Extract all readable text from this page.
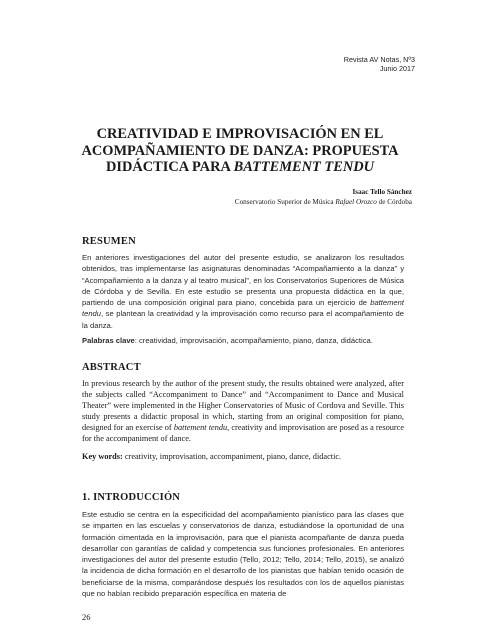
Revista AV Notas, Nº3
Junio 2017
CREATIVIDAD E IMPROVISACIÓN EN EL
ACOMPAÑAMIENTO DE DANZA: PROPUESTA
DIDÁCTICA PARA BATTEMENT TENDU
Isaac Tello Sánchez
Conservatorio Superior de Música Rafael Orozco de Córdoba
RESUMEN

En anteriores investigaciones del autor del presente estudio, se analizaron los resultados obtenidos, tras implementarse las asignaturas denominadas “Acompañamiento a la danza” y “Acompañamiento a la danza y al teatro musical”, en los Conservatorios Superiores de Música de Córdoba y de Sevilla. En este estudio se presenta una propuesta didáctica en la que, partiendo de una composición original para piano, concebida para un ejercicio de battement tendu, se plantean la creatividad y la improvisación como recurso para el acompañamiento de la danza.

Palabras clave: creatividad, improvisación, acompañamiento, piano, danza, didáctica.

ABSTRACT

In previous research by the author of the present study, the results obtained were analyzed, after the subjects called “Accompaniment to Dance” and “Accompaniment to Dance and Musical Theater” were implemented in the Higher Conservatories of Music of Cordova and Seville. This study presents a didactic proposal in which, starting from an original composition for piano, designed for an exercise of battement tendu, creativity and improvisation are posed as a resource for the accompaniment of dance.

Key words: creativity, improvisation, accompaniment, piano, dance, didactic.

1. INTRODUCCIÓN

Este estudio se centra en la especificidad del acompañamiento pianístico para las clases que se imparten en las escuelas y conservatorios de danza, estudiándose la oportunidad de una formación cimentada en la improvisación, para que el pianista acompañante de danza pueda desarrollar con garantías de calidad y competencia sus funciones profesionales. En anteriores investigaciones del autor del presente estudio (Tello, 2012; Tello, 2014; Tello, 2015), se analizó la incidencia de dicha formación en el desarrollo de los pianistas que habían tenido ocasión de beneficiarse de la misma, comparándose después los resultados con los de aquellos pianistas que no habían recibido preparación específica en materia de

26
